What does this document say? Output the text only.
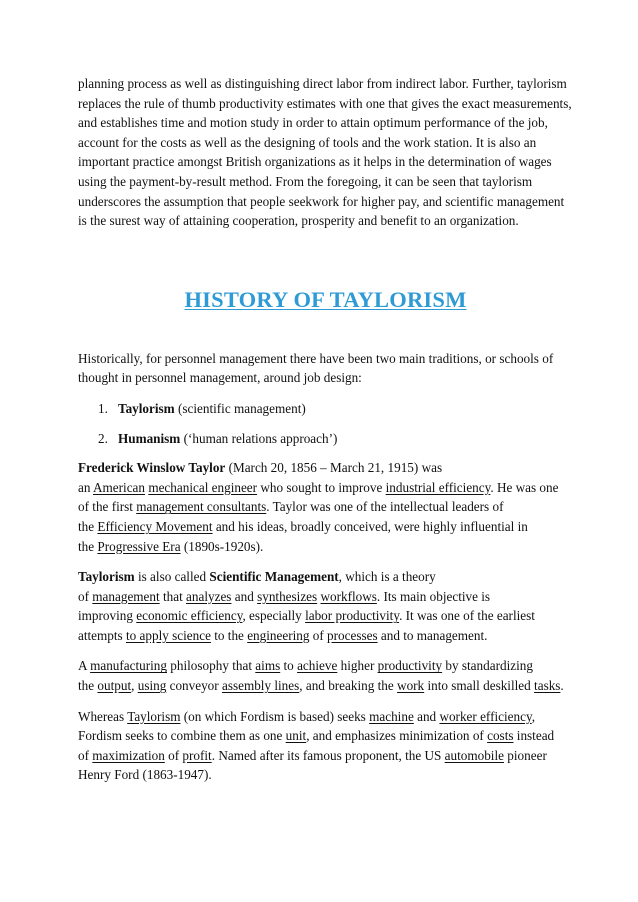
planning process as well as distinguishing direct labor from indirect labor. Further, taylorism

replaces the rule of thumb productivity estimates with one that gives the exact measurements,

and establishes time and motion study in order to attain optimum performance of the job,

account for the costs as well as the designing of tools and the work station. It is also an

important practice amongst British organizations as it helps in the determination of wages

using the payment-by-result method. From the foregoing, it can be seen that taylorism

underscores the assumption that people seekwork for higher pay, and scientific management

is the surest way of attaining cooperation, prosperity and benefit to an organization.

HISTORY OF TAYLORISM
Historically, for personnel management there have been two main traditions, or schools of
thought in personnel management, around job design:
1. Taylorism (scientific management)
2. Humanism (‘human relations approach’)
Frederick Winslow Taylor (March 20, 1856 – March 21, 1915) was
an American mechanical engineer who sought to improve industrial efficiency. He was one
of the first management consultants. Taylor was one of the intellectual leaders of
the Efficiency Movement and his ideas, broadly conceived, were highly influential in
the Progressive Era (1890s-1920s).
Taylorism is also called Scientific Management, which is a theory
of management that analyzes and synthesizes workflows. Its main objective is
improving economic efficiency, especially labor productivity. It was one of the earliest
attempts to apply science to the engineering of processes and to management.
A manufacturing philosophy that aims to achieve higher productivity by standardizing
the output, using conveyor assembly lines, and breaking the work into small deskilled tasks.
Whereas Taylorism (on which Fordism is based) seeks machine and worker efficiency,
Fordism seeks to combine them as one unit, and emphasizes minimization of costs instead
of maximization of profit. Named after its famous proponent, the US automobile pioneer
Henry Ford (1863-1947).
